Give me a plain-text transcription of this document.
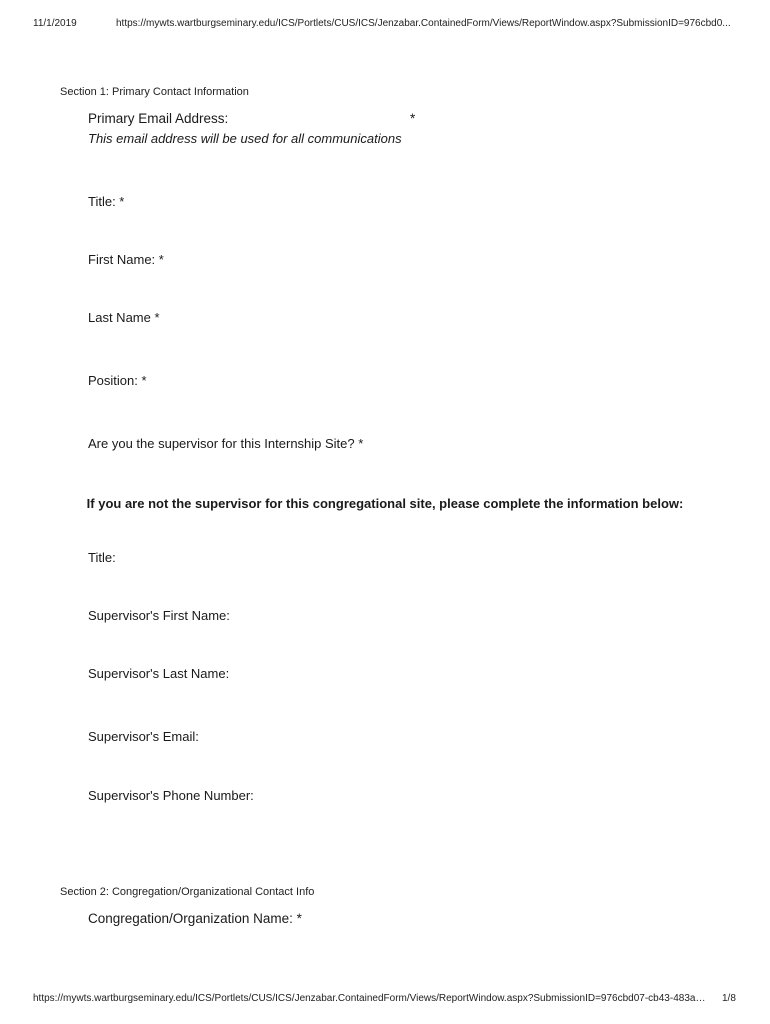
11/1/2019	https://mywts.wartburgseminary.edu/ICS/Portlets/CUS/ICS/Jenzabar.ContainedForm/Views/ReportWindow.aspx?SubmissionID=976cbd0...
Section 1: Primary Contact Information
Primary Email Address:	*
This email address will be used for all communications
Title: *
First Name: *
Last Name *
Position: *
Are you the supervisor for this Internship Site? *
If you are not the supervisor for this congregational site, please complete the information below:
Title:
Supervisor's First Name:
Supervisor's Last Name:
Supervisor's Email:
Supervisor's Phone Number:
Section 2: Congregation/Organizational Contact Info
Congregation/Organization Name: *
https://mywts.wartburgseminary.edu/ICS/Portlets/CUS/ICS/Jenzabar.ContainedForm/Views/ReportWindow.aspx?SubmissionID=976cbd07-cb43-483a… 1/8
